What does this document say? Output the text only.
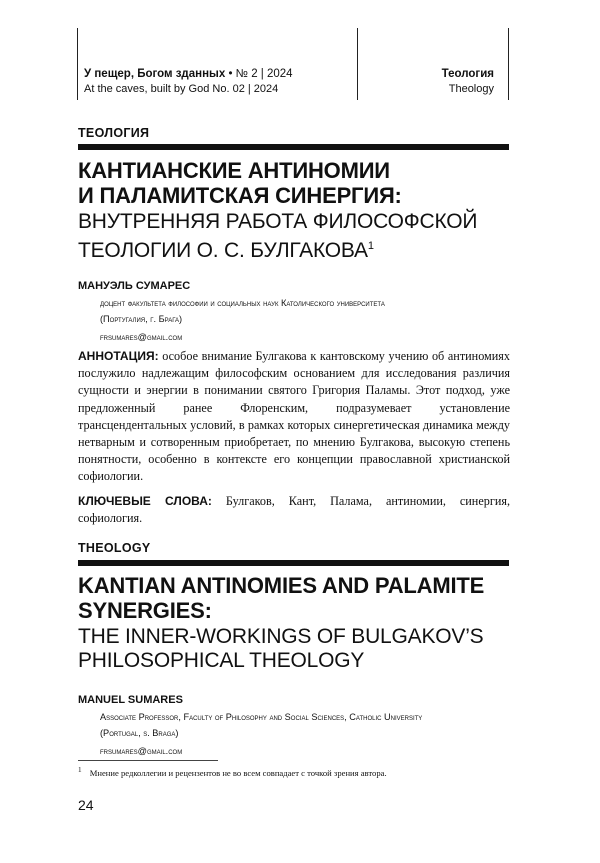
У пещер, Богом зданных • № 2 | 2024
At the caves, built by God No. 02 | 2024
Теология
Theology
ТЕОЛОГИЯ
КАНТИАНСКИЕ АНТИНОМИИ
И ПАЛАМИТСКАЯ СИНЕРГИЯ:
ВНУТРЕННЯЯ РАБОТА ФИЛОСОФСКОЙ
ТЕОЛОГИИ О. С. БУЛГАКОВА$^1$
МАНУЭЛЬ СУМАРЕС
доцент факультета философии и социальных наук Католического университета
(Португалия, г. Брага)
frsumares@gmail.com
АННОТАЦИЯ: особое внимание Булгакова к кантовскому учению об антиномиях послужило надлежащим философским основанием для исследования различия сущности и энергии в понимании святого Григория Паламы. Этот подход, уже предложенный ранее Флоренским, подразумевает установление трансцендентальных условий, в рамках которых синергетическая динамика между нетварным и сотворенным приобретает, по мнению Булгакова, высокую степень понятности, особенно в контексте его концепции православной христианской софиологии.
КЛЮЧЕВЫЕ СЛОВА: Булгаков, Кант, Палама, антиномии, синергия, софиология.
THEOLOGY
KANTIAN ANTINOMIES AND PALAMITE
SYNERGIES:
THE INNER-WORKINGS OF BULGAKOV’S
PHILOSOPHICAL THEOLOGY
MANUEL SUMARES
Associate Professor, Faculty of Philosophy and Social Sciences, Catholic University
(Portugal, s. Braga)
frsumares@gmail.com
$^1$ Мнение редколлегии и рецензентов не во всем совпадает с точкой зрения автора.
24
